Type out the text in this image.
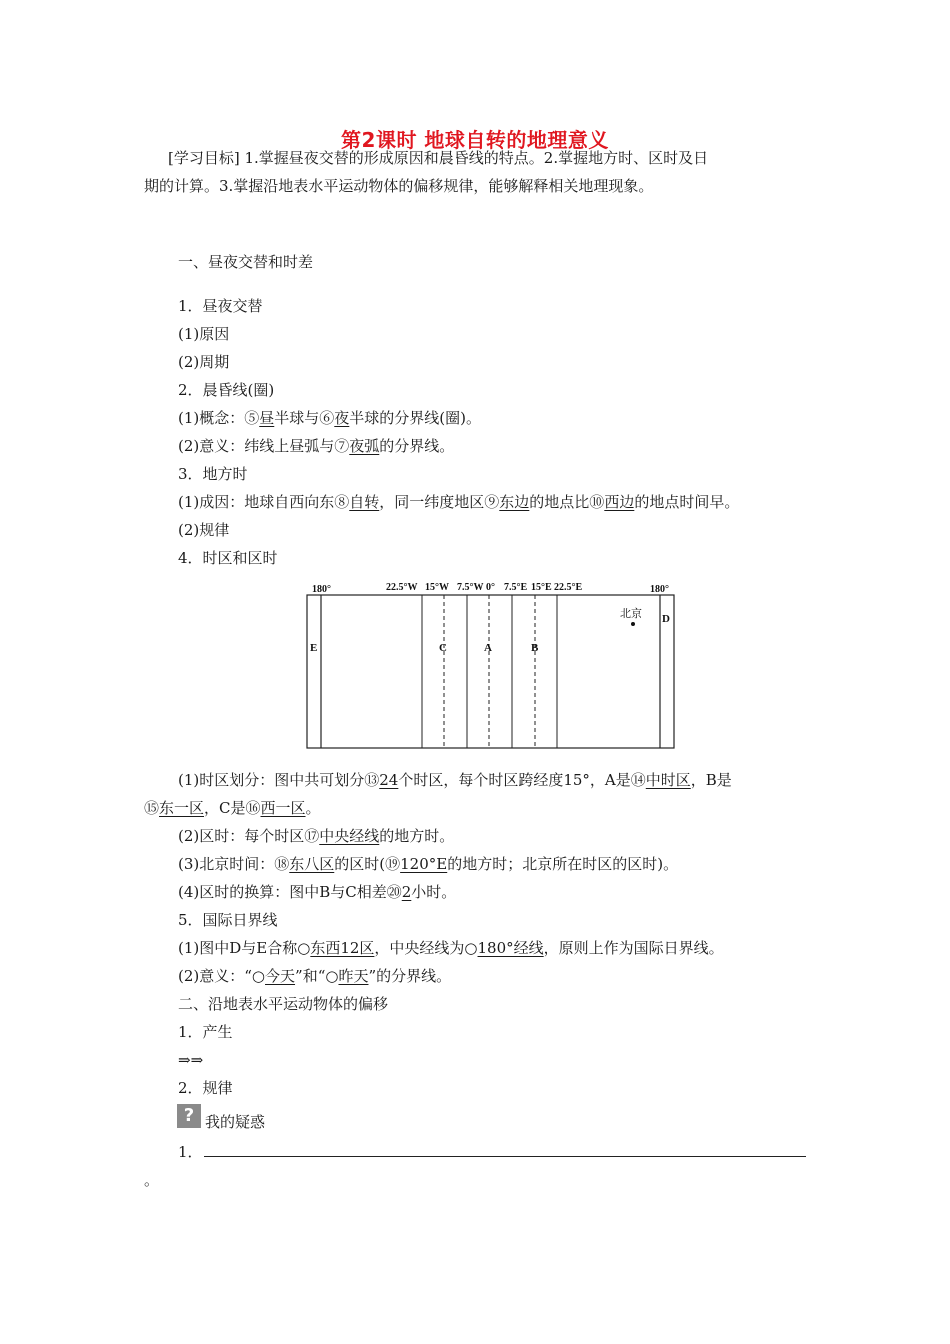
第2课时 地球自转的地理意义
[学习目标] 1.掌握昼夜交替的形成原因和晨昏线的特点。2.掌握地方时、区时及日
期的计算。3.掌握沿地表水平运动物体的偏移规律，能够解释相关地理现象。
一、昼夜交替和时差
1．昼夜交替
(1)原因
(2)周期
2．晨昏线(圈)
(1)概念：⑤昼半球与⑥夜半球的分界线(圈)。
(2)意义：纬线上昼弧与⑦夜弧的分界线。
3．地方时
(1)成因：地球自西向东⑧自转，同一纬度地区⑨东边的地点比⑩西边的地点时间早。
(2)规律
4．时区和区时
180°	22.5°W 15°W 7.5°W 0° 7.5°E 15°E 22.5°E	180°
E	C	A	B
D
北京
(1)时区划分：图中共可划分⑬24个时区，每个时区跨经度15°，A是⑭中时区，B是
⑮东一区，C是⑯西一区。
(2)区时：每个时区⑰中央经线的地方时。
(3)北京时间：⑱东八区的区时(⑲120°E的地方时；北京所在时区的区时)。
(4)区时的换算：图中B与C相差⑳2小时。
5．国际日界线
(1)图中D与E合称○东西12区，中央经线为○180°经线，原则上作为国际日界线。
(2)意义：“○今天”和“○昨天”的分界线。
二、沿地表水平运动物体的偏移
1．产生
⇒⇒
2．规律
? 我的疑惑
1．
。
